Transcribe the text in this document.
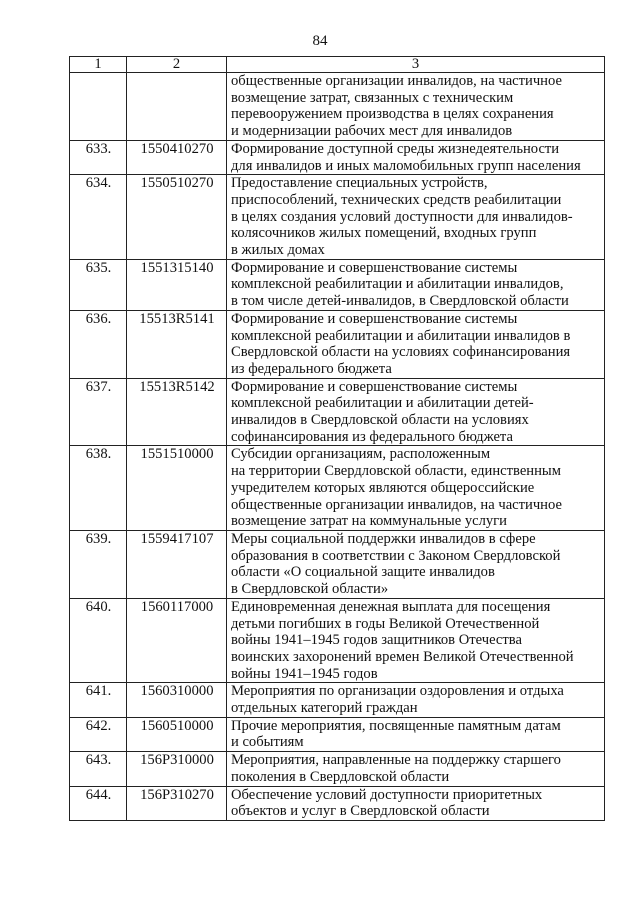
84
1	2	3
		общественные организации инвалидов, на частичное
возмещение затрат, связанных с техническим
перевооружением производства в целях сохранения
и модернизации рабочих мест для инвалидов
633.	1550410270	Формирование доступной среды жизнедеятельности
для инвалидов и иных маломобильных групп населения
634.	1550510270	Предоставление специальных устройств,
приспособлений, технических средств реабилитации
в целях создания условий доступности для инвалидов-
колясочников жилых помещений, входных групп
в жилых домах
635.	1551315140	Формирование и совершенствование системы
комплексной реабилитации и абилитации инвалидов,
в том числе детей-инвалидов, в Свердловской области
636.	15513R5141	Формирование и совершенствование системы
комплексной реабилитации и абилитации инвалидов в
Свердловской области на условиях софинансирования
из федерального бюджета
637.	15513R5142	Формирование и совершенствование системы
комплексной реабилитации и абилитации детей-
инвалидов в Свердловской области на условиях
софинансирования из федерального бюджета
638.	1551510000	Субсидии организациям, расположенным
на территории Свердловской области, единственным
учредителем которых являются общероссийские
общественные организации инвалидов, на частичное
возмещение затрат на коммунальные услуги
639.	1559417107	Меры социальной поддержки инвалидов в сфере
образования в соответствии с Законом Свердловской
области «О социальной защите инвалидов
в Свердловской области»
640.	1560117000	Единовременная денежная выплата для посещения
детьми погибших в годы Великой Отечественной
войны 1941–1945 годов защитников Отечества
воинских захоронений времен Великой Отечественной
войны 1941–1945 годов
641.	1560310000	Мероприятия по организации оздоровления и отдыха
отдельных категорий граждан
642.	1560510000	Прочие мероприятия, посвященные памятным датам
и событиям
643.	156P310000	Мероприятия, направленные на поддержку старшего
поколения в Свердловской области
644.	156P310270	Обеспечение условий доступности приоритетных
объектов и услуг в Свердловской области
